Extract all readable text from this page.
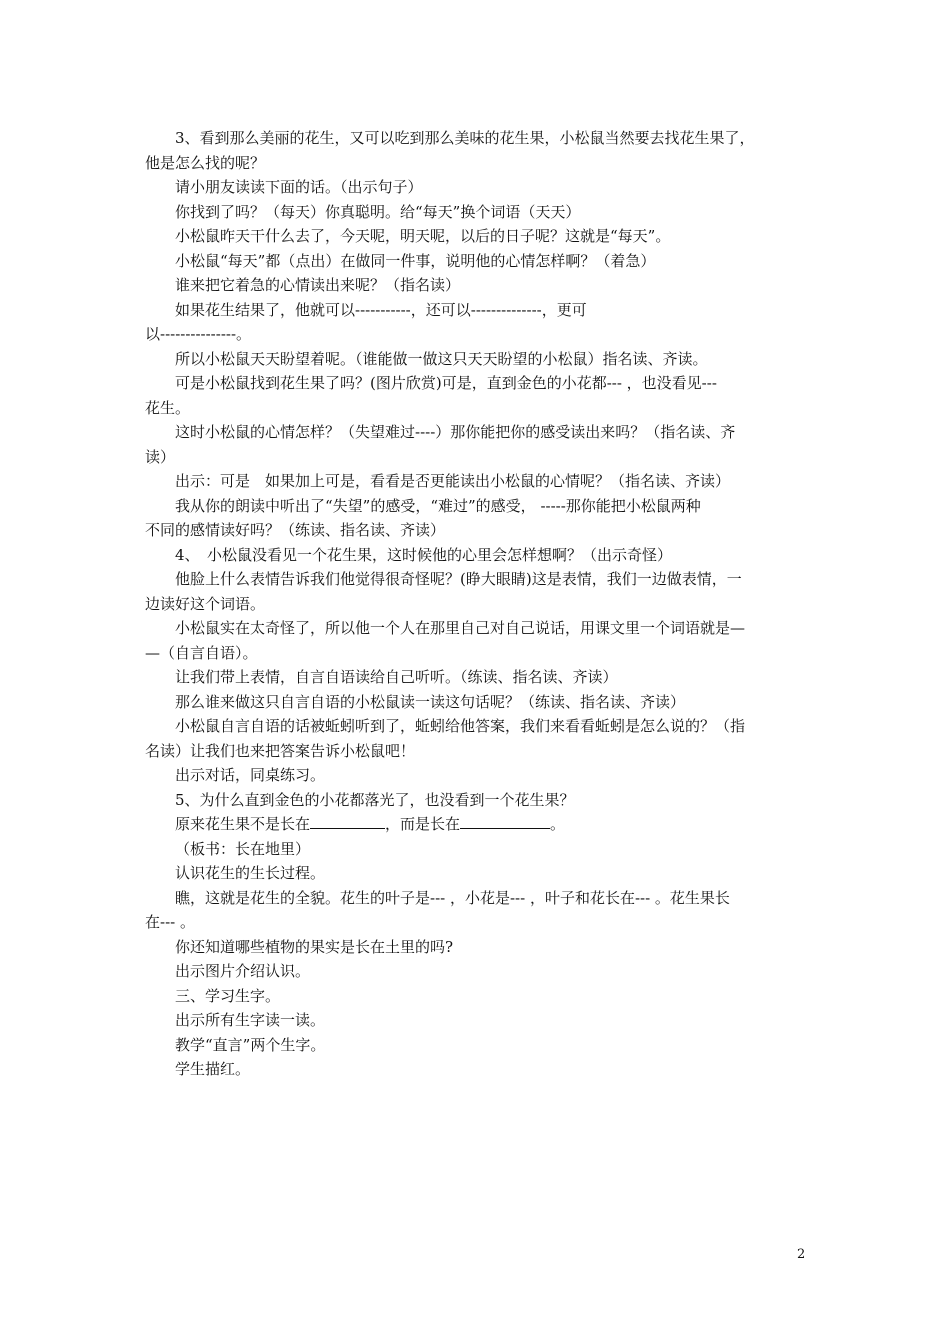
3、看到那么美丽的花生，又可以吃到那么美味的花生果，小松鼠当然要去找花生果了，
他是怎么找的呢？
请小朋友读读下面的话。（出示句子）
你找到了吗？（每天）你真聪明。给“每天”换个词语（天天）
小松鼠昨天干什么去了，今天呢，明天呢，以后的日子呢？这就是“每天”。
小松鼠“每天”都（点出）在做同一件事，说明他的心情怎样啊？（着急）
谁来把它着急的心情读出来呢？（指名读）
如果花生结果了，他就可以-----------，还可以--------------，更可
以---------------。
所以小松鼠天天盼望着呢。（谁能做一做这只天天盼望的小松鼠）指名读、齐读。
可是小松鼠找到花生果了吗？(图片欣赏)可是，直到金色的小花都--- ，也没看见---
花生。
这时小松鼠的心情怎样？（失望难过----）那你能把你的感受读出来吗？（指名读、齐
读）
出示：可是　如果加上可是，看看是否更能读出小松鼠的心情呢？（指名读、齐读）
我从你的朗读中听出了“失望”的感受，“难过”的感受， -----那你能把小松鼠两种
不同的感情读好吗？（练读、指名读、齐读）
4、　小松鼠没看见一个花生果，这时候他的心里会怎样想啊？（出示奇怪）
他脸上什么表情告诉我们他觉得很奇怪呢？(睁大眼睛)这是表情，我们一边做表情，一
边读好这个词语。
小松鼠实在太奇怪了，所以他一个人在那里自己对自己说话，用课文里一个词语就是—
—（自言自语）。
让我们带上表情，自言自语读给自己听听。（练读、指名读、齐读）
那么谁来做这只自言自语的小松鼠读一读这句话呢？（练读、指名读、齐读）
小松鼠自言自语的话被蚯蚓听到了，蚯蚓给他答案，我们来看看蚯蚓是怎么说的？（指
名读）让我们也来把答案告诉小松鼠吧！
出示对话，同桌练习。
5、为什么直到金色的小花都落光了，也没看到一个花生果？
原来花生果不是长在	，而是长在	。
（板书：长在地里）
认识花生的生长过程。
瞧，这就是花生的全貌。花生的叶子是--- ，小花是--- ，叶子和花长在--- 。花生果长
在--- 。
你还知道哪些植物的果实是长在土里的吗?
出示图片介绍认识。
三、学习生字。
出示所有生字读一读。
教学“直言”两个生字。
学生描红。
2
